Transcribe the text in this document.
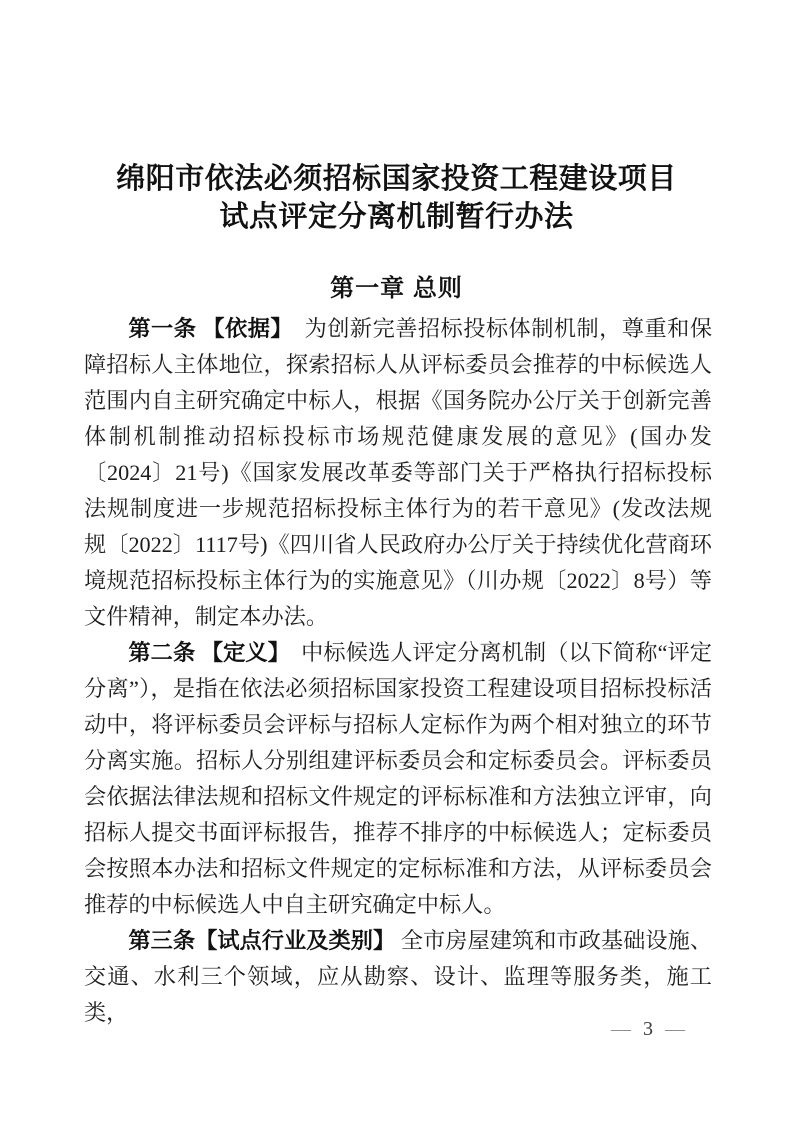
绵阳市依法必须招标国家投资工程建设项目
试点评定分离机制暂行办法
第一章 总则

第一条 【依据】　为创新完善招标投标体制机制，尊重和保障招标人主体地位，探索招标人从评标委员会推荐的中标候选人范围内自主研究确定中标人，根据《国务院办公厅关于创新完善体制机制推动招标投标市场规范健康发展的意见》(国办发〔2024〕21号)《国家发展改革委等部门关于严格执行招标投标法规制度进一步规范招标投标主体行为的若干意见》(发改法规规〔2022〕1117号)《四川省人民政府办公厅关于持续优化营商环境规范招标投标主体行为的实施意见》（川办规〔2022〕8号）等文件精神，制定本办法。

第二条 【定义】　中标候选人评定分离机制（以下简称“评定分离”），是指在依法必须招标国家投资工程建设项目招标投标活动中，将评标委员会评标与招标人定标作为两个相对独立的环节分离实施。招标人分别组建评标委员会和定标委员会。评标委员会依据法律法规和招标文件规定的评标标准和方法独立评审，向招标人提交书面评标报告，推荐不排序的中标候选人；定标委员会按照本办法和招标文件规定的定标标准和方法，从评标委员会推荐的中标候选人中自主研究确定中标人。

第三条【试点行业及类别】 全市房屋建筑和市政基础设施、交通、水利三个领域，应从勘察、设计、监理等服务类，施工类，

— 3 —
